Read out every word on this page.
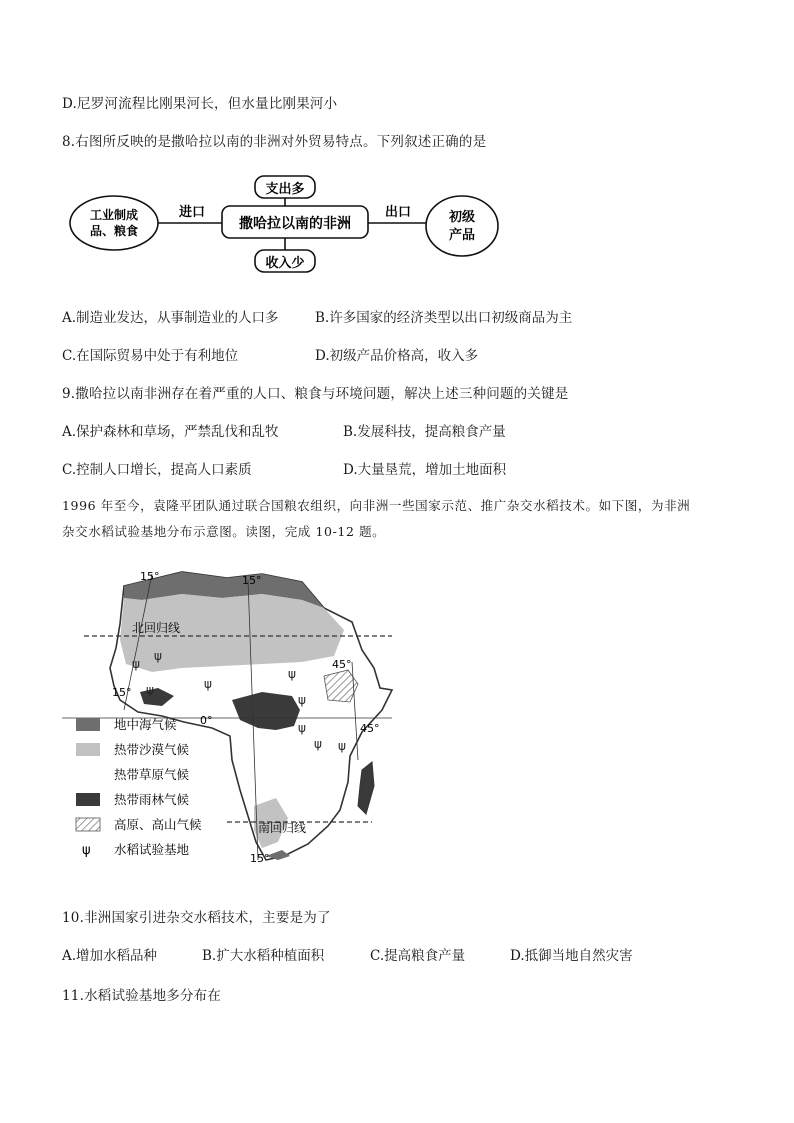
D.尼罗河流程比刚果河长，但水量比刚果河小
8.右图所反映的是撒哈拉以南的非洲对外贸易特点。下列叙述正确的是
工业制成
品、粮食
进口
撒哈拉以南的非洲
支出多
收入少
出口	初级
产品
A.制造业发达，从事制造业的人口多	B.许多国家的经济类型以出口初级商品为主
C.在国际贸易中处于有利地位	D.初级产品价格高，收入多
9.撒哈拉以南非洲存在着严重的人口、粮食与环境问题，解决上述三种问题的关键是
A.保护森林和草场，严禁乱伐和乱牧	B.发展科技，提高粮食产量
C.控制人口增长，提高人口素质	D.大量垦荒，增加土地面积
1996 年至今，袁隆平团队通过联合国粮农组织，向非洲一些国家示范、推广杂交水稻技术。如下图，为非洲
杂交水稻试验基地分布示意图。读图，完成 10-12 题。
15°	15°
45°
15°
0°
45°
15°
北回归线
南回归线
ψ
ψ
ψ	ψ
ψ
ψ
ψ
ψ
ψ
地中海气候
热带沙漠气候
热带草原气候
热带雨林气候
高原、高山气候
ψ 水稻试验基地
10.非洲国家引进杂交水稻技术，主要是为了
A.增加水稻品种	B.扩大水稻种植面积	C.提高粮食产量	D.抵御当地自然灾害
11.水稻试验基地多分布在
